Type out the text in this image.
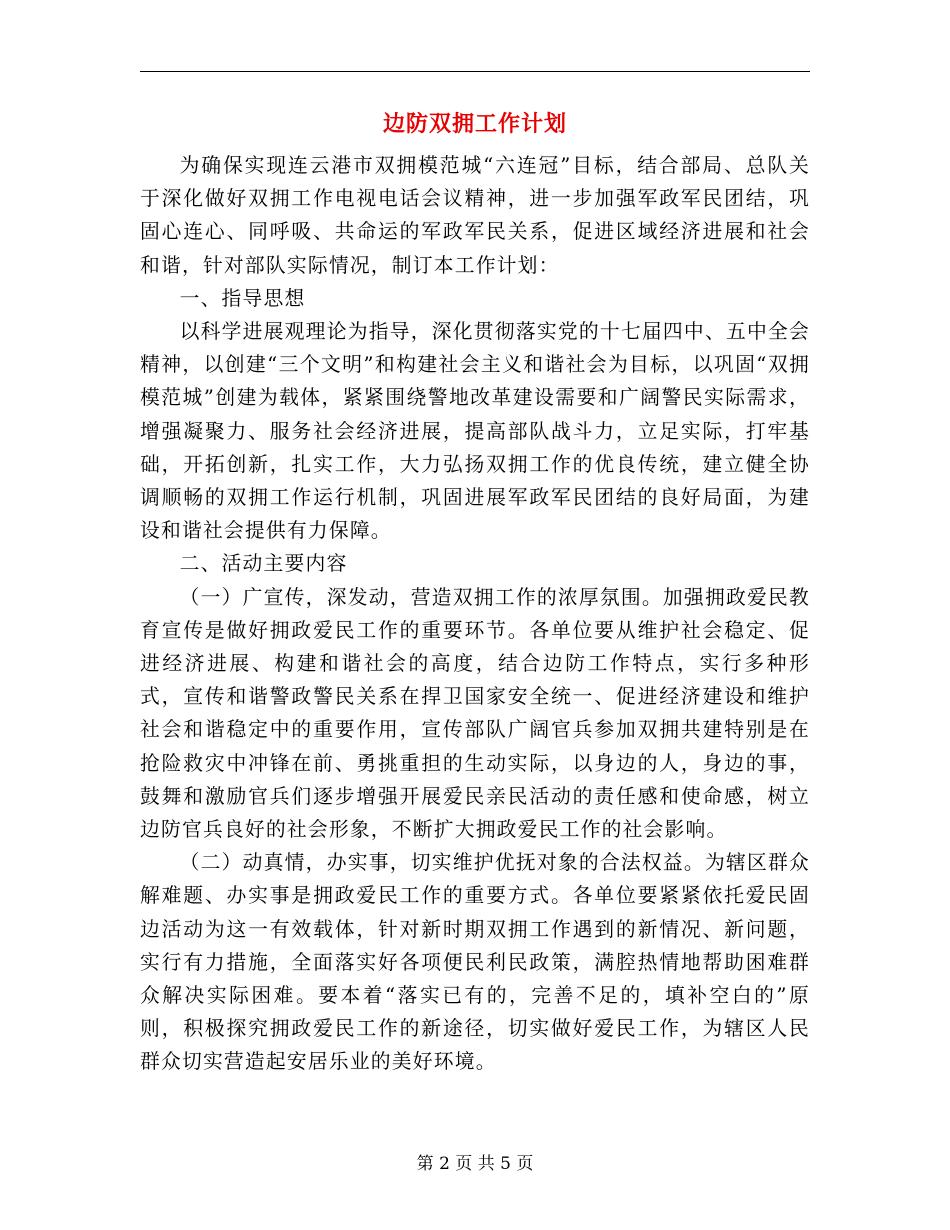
边防双拥工作计划

为确保实现连云港市双拥模范城“六连冠”目标，结合部局、总队关于深化做好双拥工作电视电话会议精神，进一步加强军政军民团结，巩固心连心、同呼吸、共命运的军政军民关系，促进区域经济进展和社会和谐，针对部队实际情况，制订本工作计划：

一、指导思想

以科学进展观理论为指导，深化贯彻落实党的十七届四中、五中全会精神，以创建“三个文明”和构建社会主义和谐社会为目标，以巩固“双拥模范城”创建为载体，紧紧围绕警地改革建设需要和广阔警民实际需求，增强凝聚力、服务社会经济进展，提高部队战斗力，立足实际，打牢基础，开拓创新，扎实工作，大力弘扬双拥工作的优良传统，建立健全协调顺畅的双拥工作运行机制，巩固进展军政军民团结的良好局面，为建设和谐社会提供有力保障。

二、活动主要内容

（一）广宣传，深发动，营造双拥工作的浓厚氛围。加强拥政爱民教育宣传是做好拥政爱民工作的重要环节。各单位要从维护社会稳定、促进经济进展、构建和谐社会的高度，结合边防工作特点，实行多种形式，宣传和谐警政警民关系在捍卫国家安全统一、促进经济建设和维护社会和谐稳定中的重要作用，宣传部队广阔官兵参加双拥共建特别是在抢险救灾中冲锋在前、勇挑重担的生动实际，以身边的人，身边的事，鼓舞和激励官兵们逐步增强开展爱民亲民活动的责任感和使命感，树立边防官兵良好的社会形象，不断扩大拥政爱民工作的社会影响。

（二）动真情，办实事，切实维护优抚对象的合法权益。为辖区群众解难题、办实事是拥政爱民工作的重要方式。各单位要紧紧依托爱民固边活动为这一有效载体，针对新时期双拥工作遇到的新情况、新问题，实行有力措施，全面落实好各项便民利民政策，满腔热情地帮助困难群众解决实际困难。要本着“落实已有的，完善不足的，填补空白的”原则，积极探究拥政爱民工作的新途径，切实做好爱民工作，为辖区人民群众切实营造起安居乐业的美好环境。

第 2 页 共 5 页
